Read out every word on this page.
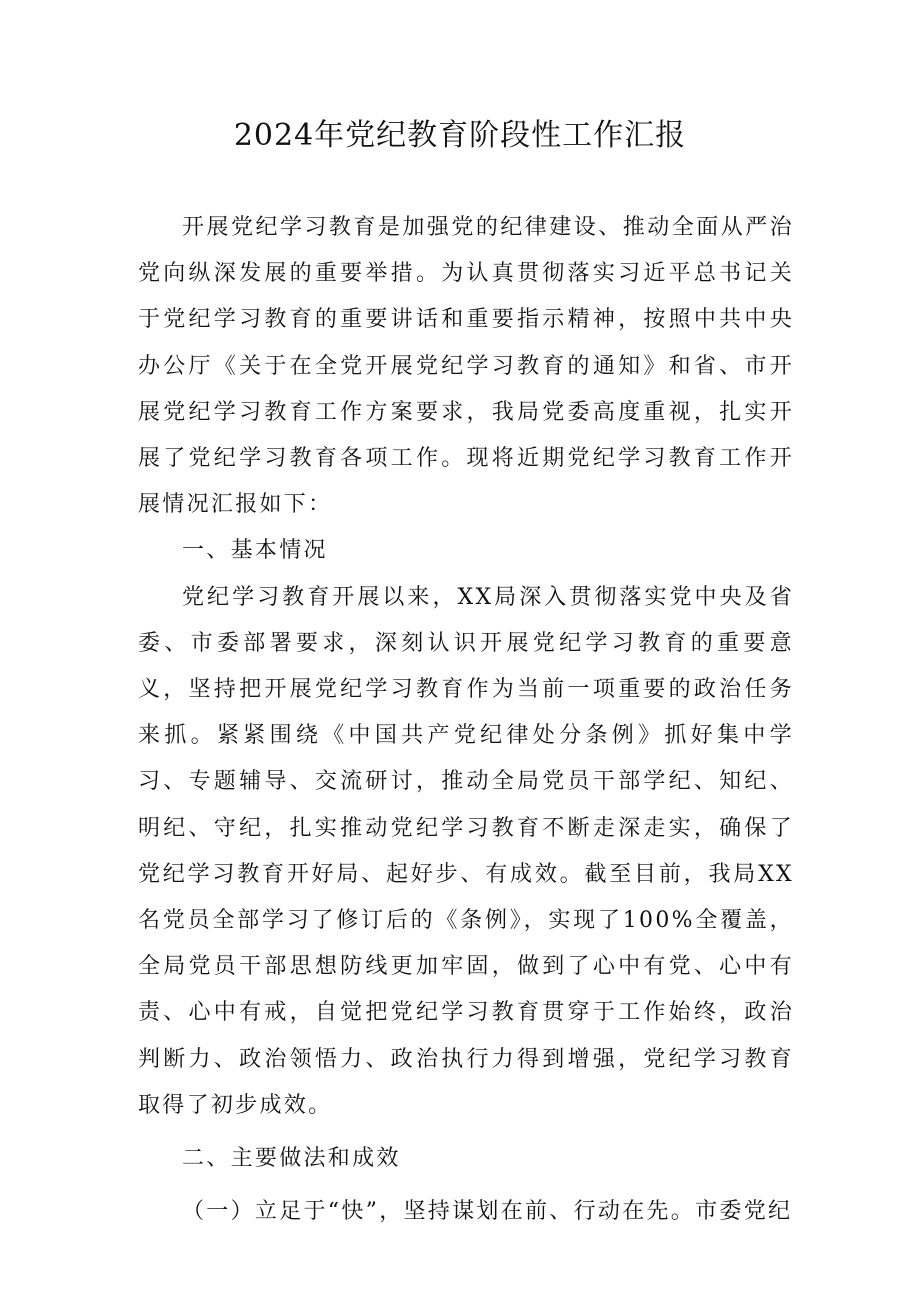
2024年党纪教育阶段性工作汇报

开展党纪学习教育是加强党的纪律建设、推动全面从严治党向纵深发展的重要举措。为认真贯彻落实习近平总书记关于党纪学习教育的重要讲话和重要指示精神，按照中共中央办公厅《关于在全党开展党纪学习教育的通知》和省、市开展党纪学习教育工作方案要求，我局党委高度重视，扎实开展了党纪学习教育各项工作。现将近期党纪学习教育工作开展情况汇报如下：

一、基本情况

党纪学习教育开展以来，XX局深入贯彻落实党中央及省委、市委部署要求，深刻认识开展党纪学习教育的重要意义，坚持把开展党纪学习教育作为当前一项重要的政治任务来抓。紧紧围绕《中国共产党纪律处分条例》抓好集中学习、专题辅导、交流研讨，推动全局党员干部学纪、知纪、明纪、守纪，扎实推动党纪学习教育不断走深走实，确保了党纪学习教育开好局、起好步、有成效。截至目前，我局XX名党员全部学习了修订后的《条例》，实现了100%全覆盖，全局党员干部思想防线更加牢固，做到了心中有党、心中有责、心中有戒，自觉把党纪学习教育贯穿于工作始终，政治判断力、政治领悟力、政治执行力得到增强，党纪学习教育取得了初步成效。

二、主要做法和成效

（一）立足于“快”，坚持谋划在前、行动在先。市委党纪
